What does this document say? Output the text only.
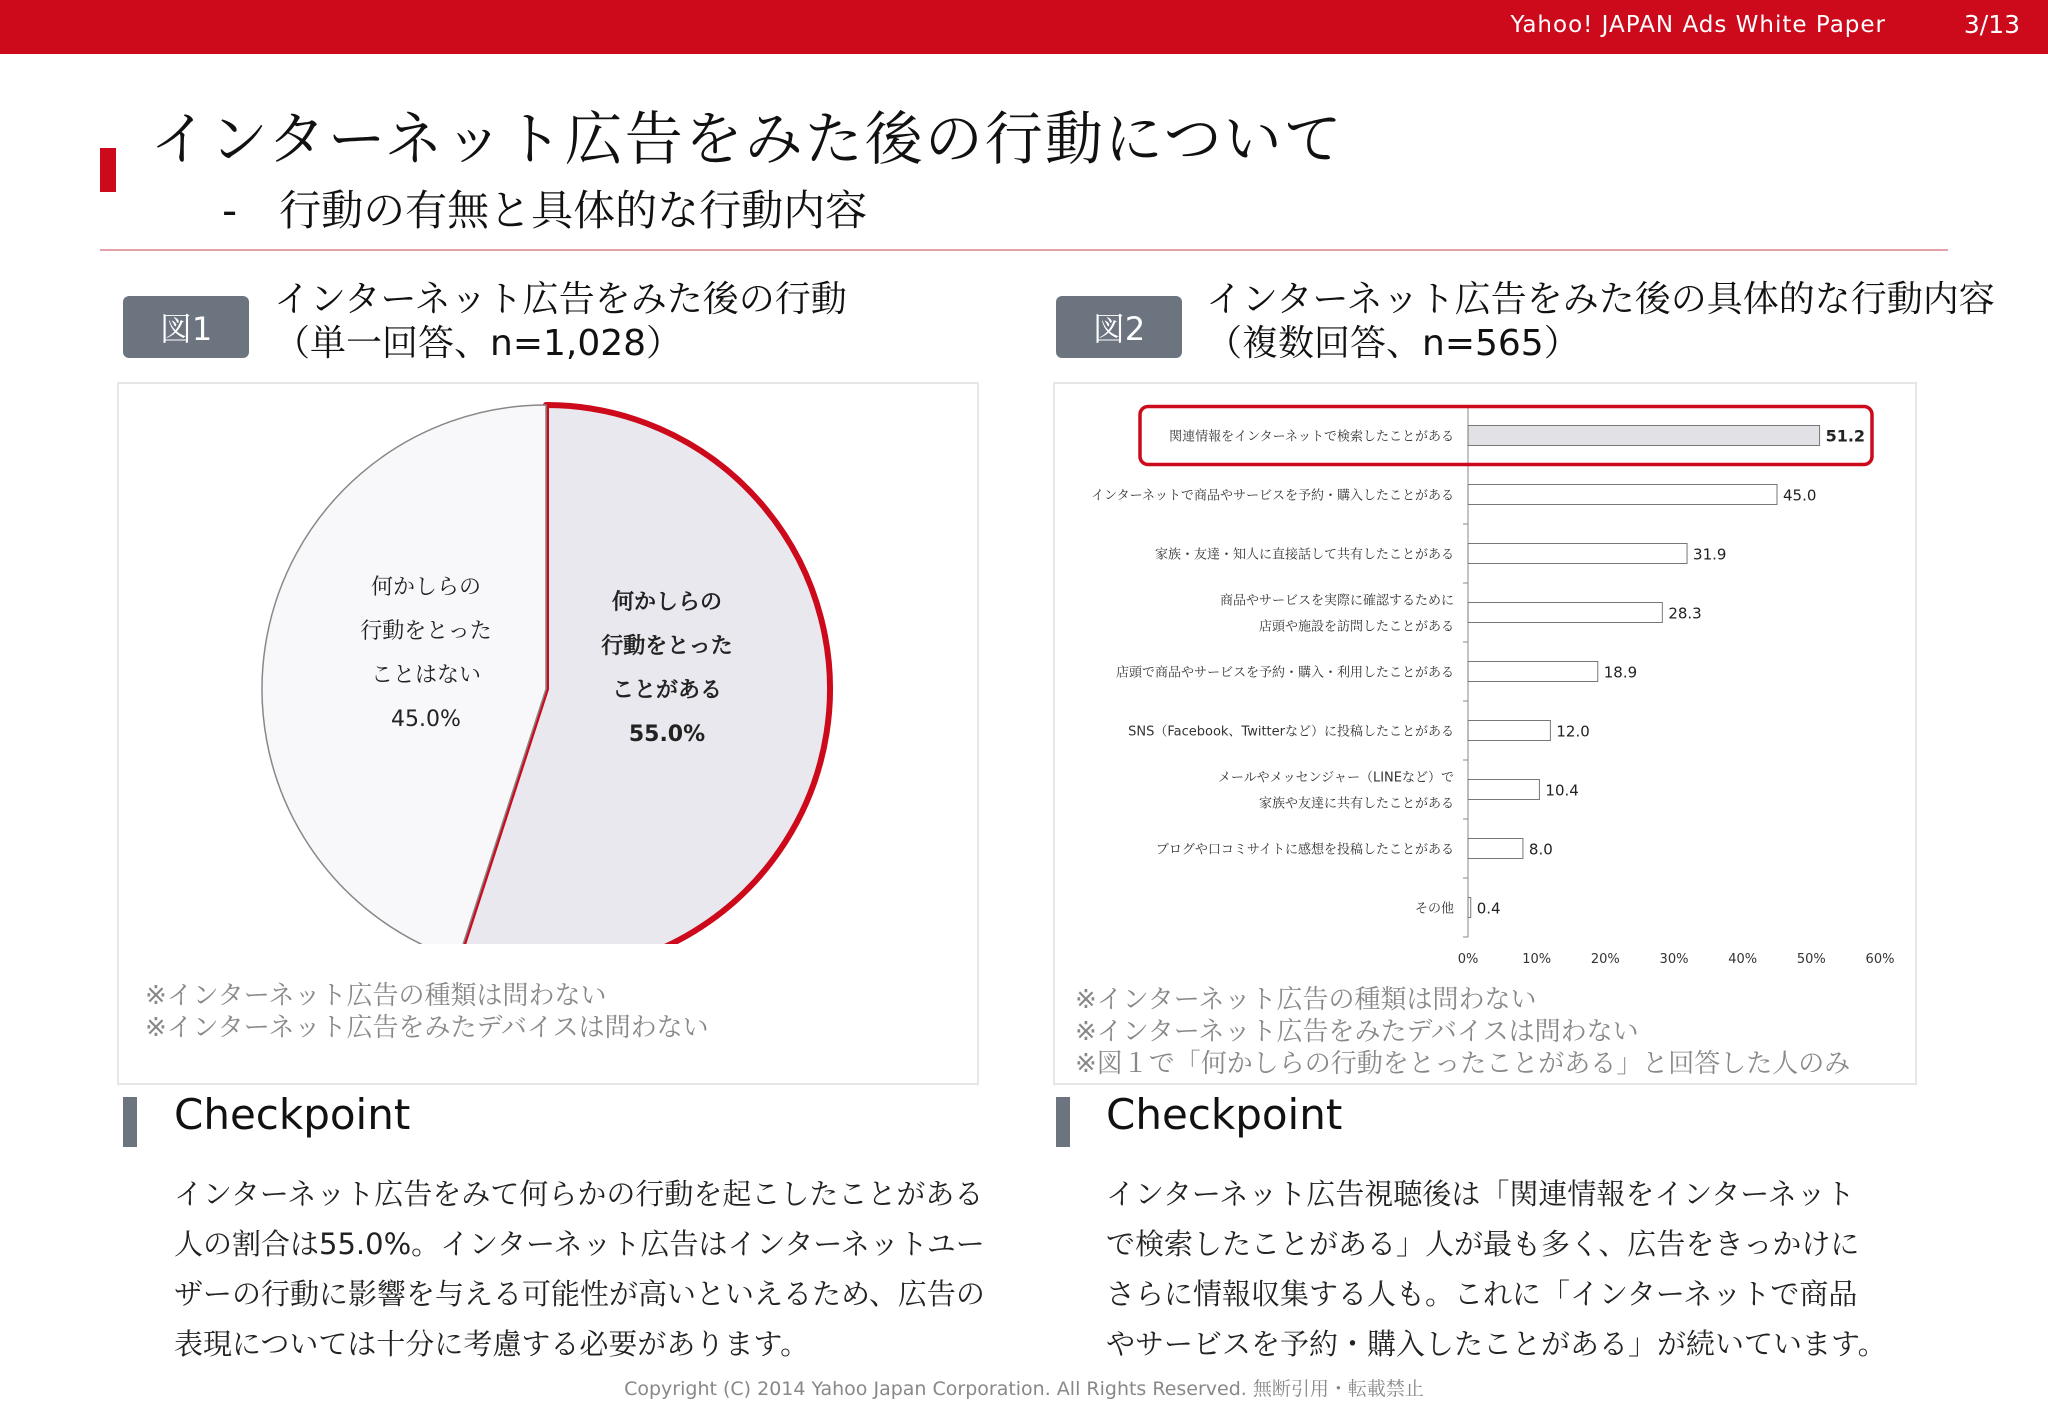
Yahoo! JAPAN Ads White Paper	3/13
インターネット広告をみた後の行動について
-　行動の有無と具体的な行動内容
図1
インターネット広告をみた後の行動
（単一回答、n=1,028）	図2
インターネット広告をみた後の具体的な行動内容
（複数回答、n=565）
何かしらの
行動をとった
ことがある
55.0%
何かしらの
行動をとった
ことはない
45.0%
※インターネット広告の種類は問わない
※インターネット広告をみたデバイスは問わない
関連情報をインターネットで検索したことがある	51.2
インターネットで商品やサービスを予約・購入したことがある	45.0
家族・友達・知人に直接話して共有したことがある	31.9
商品やサービスを実際に確認するために
店頭や施設を訪問したことがある
28.3
店頭で商品やサービスを予約・購入・利用したことがある	18.9
SNS（Facebook、Twitterなど）に投稿したことがある	12.0
メールやメッセンジャー（LINEなど）で
家族や友達に共有したことがある
10.4
ブログや口コミサイトに感想を投稿したことがある	8.0
その他 0.4
0%	10%	20%	30%	40%	50%	60%
※インターネット広告の種類は問わない
※インターネット広告をみたデバイスは問わない
※図１で「何かしらの行動をとったことがある」と回答した人のみ
Checkpoint
インターネット広告をみて何らかの行動を起こしたことがある
人の割合は55.0%。インターネット広告はインターネットユー
ザーの行動に影響を与える可能性が高いといえるため、広告の
表現については十分に考慮する必要があります。
Checkpoint
インターネット広告視聴後は「関連情報をインターネット
で検索したことがある」人が最も多く、広告をきっかけに
さらに情報収集する人も。これに「インターネットで商品
やサービスを予約・購入したことがある」が続いています。
Copyright (C) 2014 Yahoo Japan Corporation. All Rights Reserved. 無断引用・転載禁止
